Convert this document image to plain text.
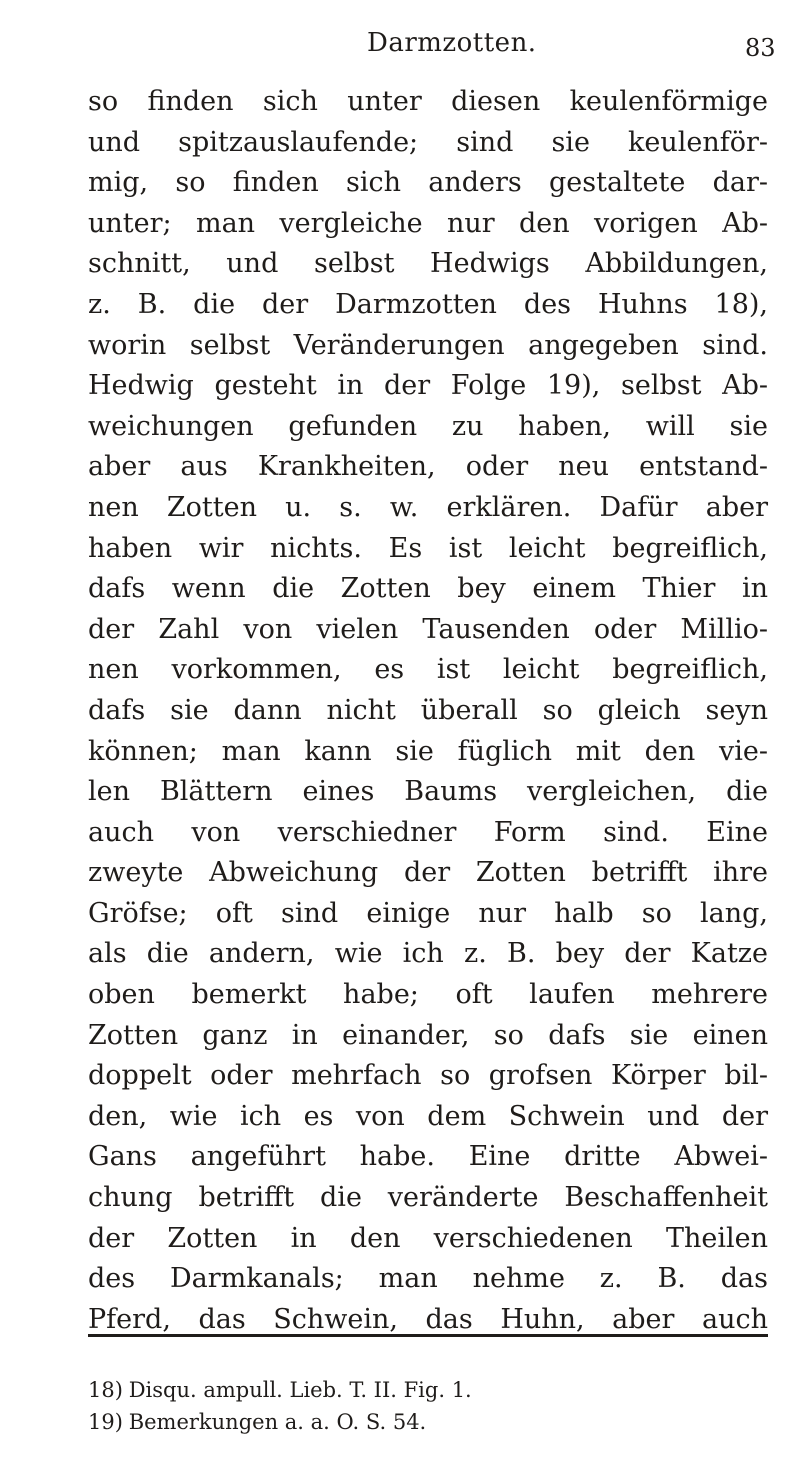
Darmzotten.	83
so finden sich unter diesen keulenförmige
und spitzauslaufende; sind sie keulenför-
mig, so finden sich anders gestaltete dar-
unter; man vergleiche nur den vorigen Ab-
schnitt, und selbst Hedwigs Abbildungen,
z. B. die der Darmzotten des Huhns 18),
worin selbst Veränderungen angegeben sind.
Hedwig gesteht in der Folge 19), selbst Ab-
weichungen gefunden zu haben, will sie
aber aus Krankheiten, oder neu entstand-
nen Zotten u. s. w. erklären. Dafür aber
haben wir nichts. Es ist leicht begreiflich,
dafs wenn die Zotten bey einem Thier in
der Zahl von vielen Tausenden oder Millio-
nen vorkommen, es ist leicht begreiflich,
dafs sie dann nicht überall so gleich seyn
können; man kann sie füglich mit den vie-
len Blättern eines Baums vergleichen, die
auch von verschiedner Form sind. Eine
zweyte Abweichung der Zotten betrifft ihre
Gröfse; oft sind einige nur halb so lang,
als die andern, wie ich z. B. bey der Katze
oben bemerkt habe; oft laufen mehrere
Zotten ganz in einander, so dafs sie einen
doppelt oder mehrfach so grofsen Körper bil-
den, wie ich es von dem Schwein und der
Gans angeführt habe. Eine dritte Abwei-
chung betrifft die veränderte Beschaffenheit
der Zotten in den verschiedenen Theilen
des Darmkanals; man nehme z. B. das
Pferd, das Schwein, das Huhn, aber auch
18) Disqu. ampull. Lieb. T. II. Fig. 1.
19) Bemerkungen a. a. O. S. 54.
